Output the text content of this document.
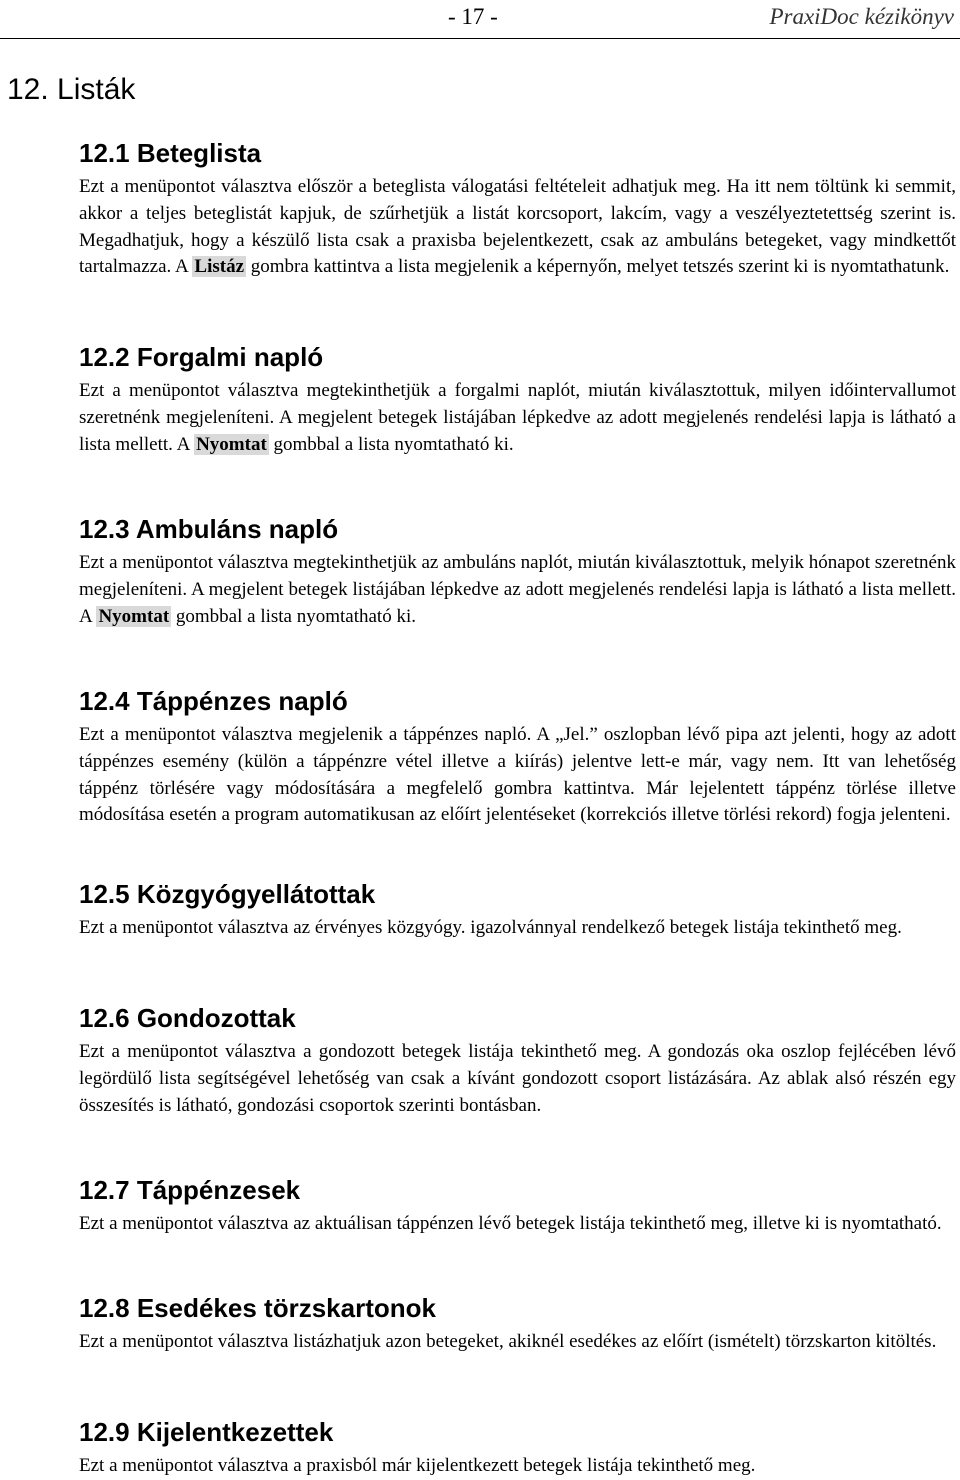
- 17 -	PraxiDoc kézikönyv
12. Listák
12.1 Beteglista

Ezt a menüpontot választva először a beteglista válogatási feltételeit adhatjuk meg. Ha itt nem töltünk ki semmit, akkor a teljes beteglistát kapjuk, de szűrhetjük a listát korcsoport, lakcím, vagy a veszélyeztetettség szerint is. Megadhatjuk, hogy a készülő lista csak a praxisba bejelentkezett, csak az ambuláns betegeket, vagy mindkettőt tartalmazza. A Listáz gombra kattintva a lista megjelenik a képernyőn, melyet tetszés szerint ki is nyomtathatunk.

12.2 Forgalmi napló

Ezt a menüpontot választva megtekinthetjük a forgalmi naplót, miután kiválasztottuk, milyen időintervallumot szeretnénk megjeleníteni. A megjelent betegek listájában lépkedve az adott megjelenés rendelési lapja is látható a lista mellett. A Nyomtat gombbal a lista nyomtatható ki.

12.3 Ambuláns napló

Ezt a menüpontot választva megtekinthetjük az ambuláns naplót, miután kiválasztottuk, melyik hónapot szeretnénk megjeleníteni. A megjelent betegek listájában lépkedve az adott megjelenés rendelési lapja is látható a lista mellett. A Nyomtat gombbal a lista nyomtatható ki.

12.4 Táppénzes napló

Ezt a menüpontot választva megjelenik a táppénzes napló. A „Jel.” oszlopban lévő pipa azt jelenti, hogy az adott táppénzes esemény (külön a táppénzre vétel illetve a kiírás) jelentve lett-e már, vagy nem. Itt van lehetőség táppénz törlésére vagy módosítására a megfelelő gombra kattintva. Már lejelentett táppénz törlése illetve módosítása esetén a program automatikusan az előírt jelentéseket (korrekciós illetve törlési rekord) fogja jelenteni.

12.5 Közgyógyellátottak

Ezt a menüpontot választva az érvényes közgyógy. igazolvánnyal rendelkező betegek listája tekinthető meg.

12.6 Gondozottak

Ezt a menüpontot választva a gondozott betegek listája tekinthető meg. A gondozás oka oszlop fejlécében lévő legördülő lista segítségével lehetőség van csak a kívánt gondozott csoport listázására. Az ablak alsó részén egy összesítés is látható, gondozási csoportok szerinti bontásban.

12.7 Táppénzesek

Ezt a menüpontot választva az aktuálisan táppénzen lévő betegek listája tekinthető meg, illetve ki is nyomtatható.

12.8 Esedékes törzskartonok

Ezt a menüpontot választva listázhatjuk azon betegeket, akiknél esedékes az előírt (ismételt) törzskarton kitöltés.

12.9 Kijelentkezettek

Ezt a menüpontot választva a praxisból már kijelentkezett betegek listája tekinthető meg.
